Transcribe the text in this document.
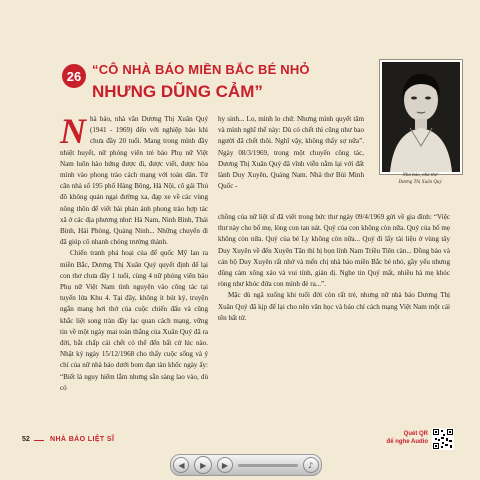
26 “CÔ NHÀ BÁO MIỀN BẮC BÉ NHỎ
NHƯNG DŨNG CẢM”
Nhà báo, nhà thơ
Dương Thị Xuân Quý
N hà báo, nhà văn Dương Thị Xuân Quý (1941 - 1969) đến với nghiệp báo khi chưa đầy 20 tuổi. Mang trong mình đầy nhiệt huyết, nữ phóng viên trẻ báo Phụ nữ Việt Nam luôn hào hứng được đi, được viết, được hòa mình vào phong trào cách mạng với toàn dân. Từ căn nhà số 195 phố Hàng Bông, Hà Nội, cô gái Thủ đô không quản ngại đường xa, đạp xe về các vùng nông thôn để viết bài phản ánh phong trào hợp tác xã ở các địa phương như: Hà Nam, Ninh Bình, Thái Bình, Hải Phòng, Quảng Ninh... Những chuyến đi đã giúp cô nhanh chóng trưởng thành.

Chiến tranh phá hoại của đế quốc Mỹ lan ra miền Bắc, Dương Thị Xuân Quý quyết định để lại con thơ chưa đầy 1 tuổi, cùng 4 nữ phóng viên báo Phụ nữ Việt Nam tình nguyện vào công tác tại tuyến lửa Khu 4. Tại đây, không ít bút ký, truyện ngắn mang hơi thở của cuộc chiến đấu và cũng khắc liệt song tràn đầy lạc quan cách mạng, vững tin về một ngày mai toàn thắng của Xuân Quý đã ra đời, bắt chấp cái chết có thể đến bất cứ lúc nào. Nhật ký ngày 15/12/1968 cho thấy cuộc sống và ý chí của nữ nhà báo dưới bom đạn tàn khốc ngày ấy: “Biết là nguy hiểm lắm nhưng sẵn sàng lao vào, dù có

hy sinh... Lo, mình lo chứ. Nhưng mình quyết tâm và mình nghĩ thế này: Dù có chết thì cũng như bao người đã chết thôi. Nghĩ vậy, không thấy sợ nữa”. Ngày 08/3/1969, trong một chuyến công tác, Dương Thị Xuân Quý đã vĩnh viễn nằm lại với đất lành Duy Xuyên, Quảng Nam. Nhà thơ Bùi Minh Quốc -

chồng của nữ liệt sĩ đã viết trong bức thư ngày 09/4/1969 gửi về gia đình: “Việc thư này cho bố mẹ, lòng con tan nát. Quý của con không còn nữa. Quý của bố mẹ không còn nữa. Quý của bé Ly không còn nữa... Quý đi lấy tài liệu ở vùng tây Duy Xuyên về đến Xuyên Tân thì bị bọn lính Nam Triều Tiên càn... Đồng bào và cán bộ Duy Xuyên rất nhớ và mến chị nhà báo miền Bắc bé nhỏ, gầy yếu nhưng dũng cảm xông xáo và vui tính, giản dị. Nghe tin Quý mất, nhiều bà mẹ khóc ròng như khóc đứa con mình đẻ ra...”.

Mặc dù ngã xuống khi tuổi đời còn rất trẻ, nhưng nữ nhà báo Dương Thị Xuân Quý đã kịp để lại cho nền văn học và báo chí cách mạng Việt Nam một cái tên bất tử.

52	NHÀ BÁO LIỆT SĨ
Quét QR
để nghe Audio
◀ ▶ ▶	♪
